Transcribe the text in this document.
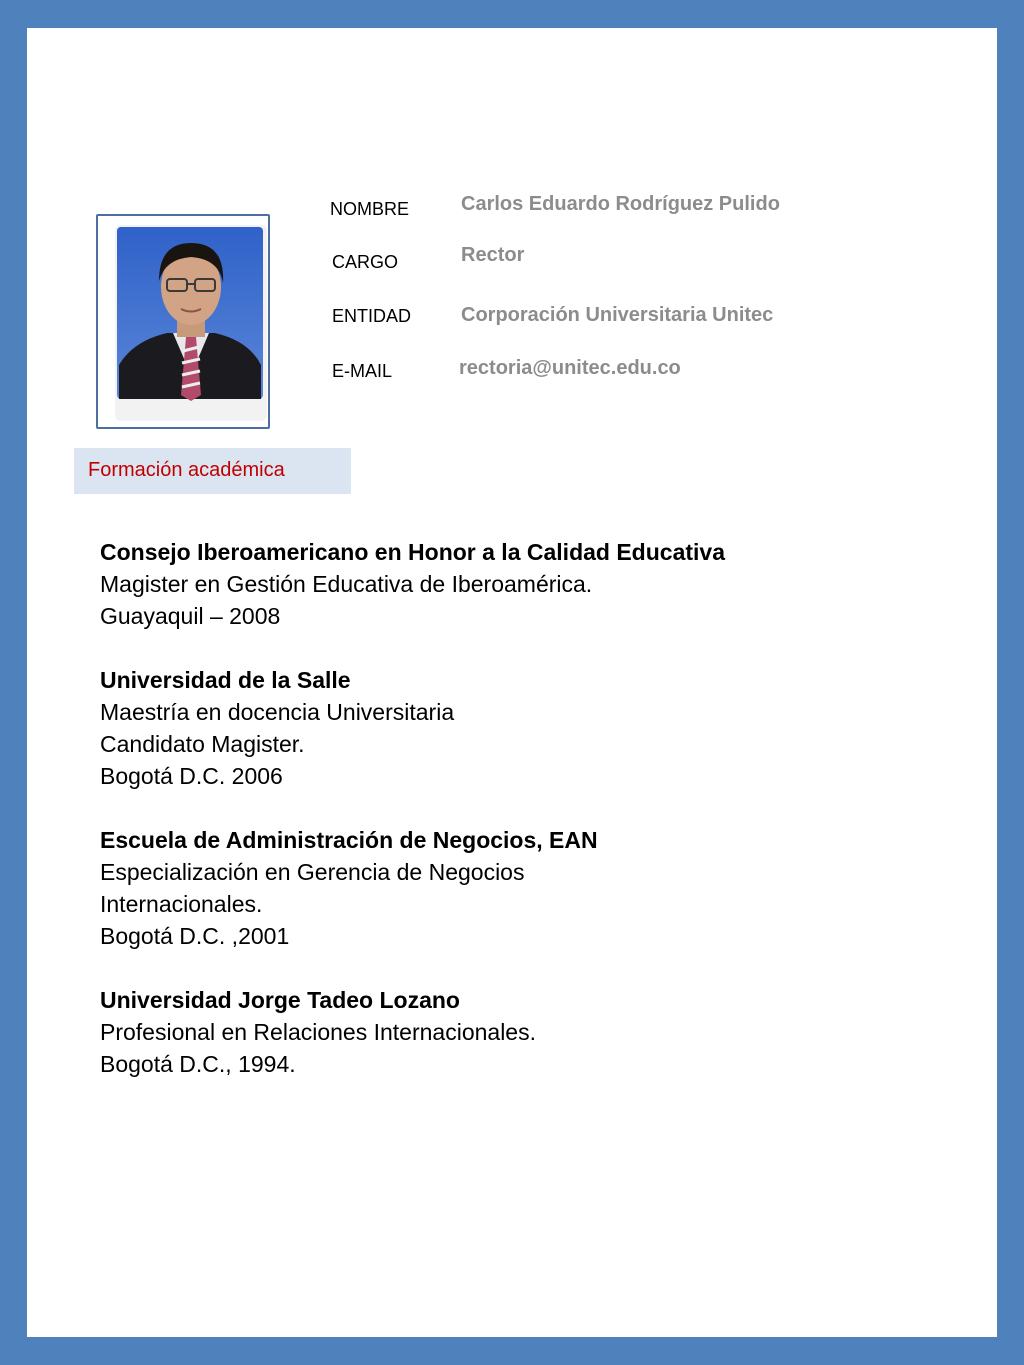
NOMBRE	Carlos Eduardo Rodríguez Pulido
CARGO	Rector
ENTIDAD Corporación Universitaria Unitec
E-MAIL	rectoria@unitec.edu.co
Formación académica
Consejo Iberoamericano en Honor a la Calidad Educativa
Magister en Gestión Educativa de Iberoamérica.
Guayaquil – 2008
Universidad de la Salle
Maestría en docencia Universitaria
Candidato Magister.
Bogotá D.C. 2006
Escuela de Administración de Negocios, EAN
Especialización en Gerencia de Negocios
Internacionales.
Bogotá D.C. ,2001
Universidad Jorge Tadeo Lozano
Profesional en Relaciones Internacionales.
Bogotá D.C., 1994.
